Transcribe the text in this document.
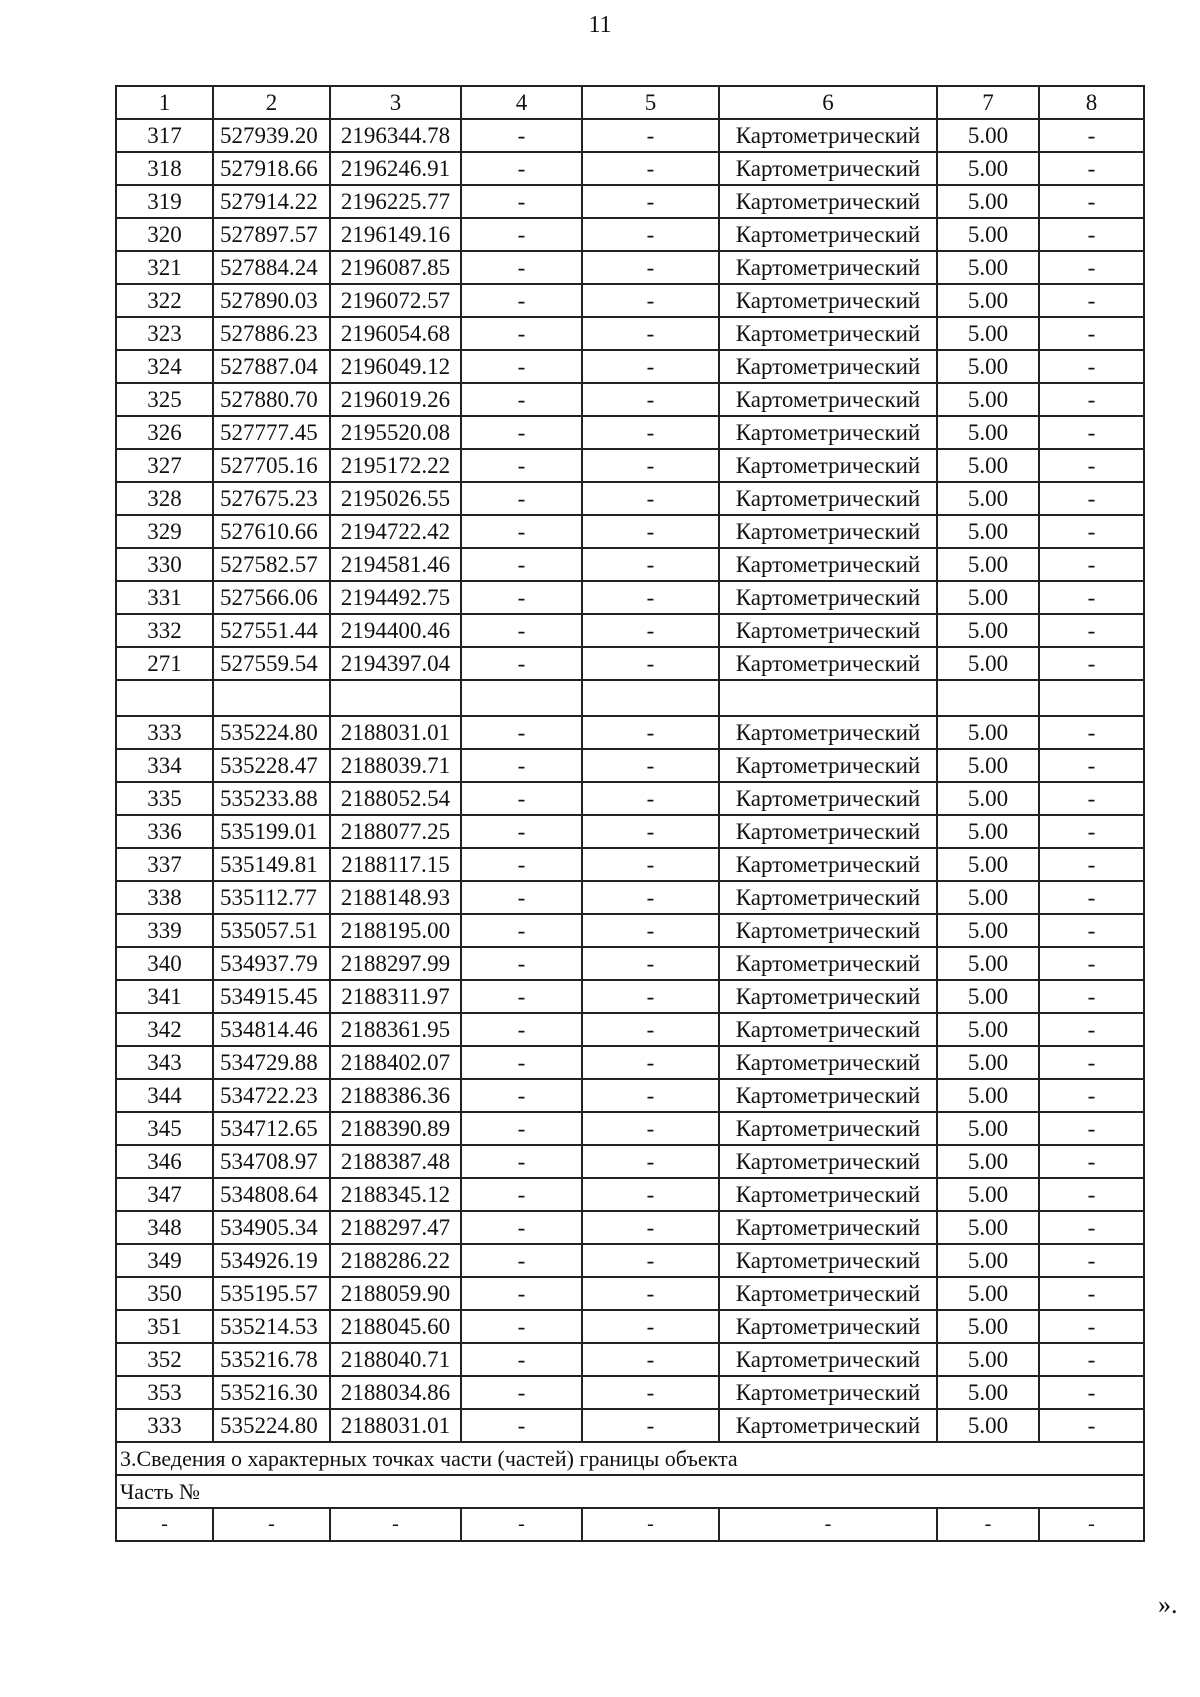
11
1	2	3	4	5	6	7	8
317	527939.20	2196344.78	-	-	Картометрический	5.00	-
318	527918.66	2196246.91	-	-	Картометрический	5.00	-
319	527914.22	2196225.77	-	-	Картометрический	5.00	-
320	527897.57	2196149.16	-	-	Картометрический	5.00	-
321	527884.24	2196087.85	-	-	Картометрический	5.00	-
322	527890.03	2196072.57	-	-	Картометрический	5.00	-
323	527886.23	2196054.68	-	-	Картометрический	5.00	-
324	527887.04	2196049.12	-	-	Картометрический	5.00	-
325	527880.70	2196019.26	-	-	Картометрический	5.00	-
326	527777.45	2195520.08	-	-	Картометрический	5.00	-
327	527705.16	2195172.22	-	-	Картометрический	5.00	-
328	527675.23	2195026.55	-	-	Картометрический	5.00	-
329	527610.66	2194722.42	-	-	Картометрический	5.00	-
330	527582.57	2194581.46	-	-	Картометрический	5.00	-
331	527566.06	2194492.75	-	-	Картометрический	5.00	-
332	527551.44	2194400.46	-	-	Картометрический	5.00	-
271	527559.54	2194397.04	-	-	Картометрический	5.00	-

333	535224.80	2188031.01	-	-	Картометрический	5.00	-
334	535228.47	2188039.71	-	-	Картометрический	5.00	-
335	535233.88	2188052.54	-	-	Картометрический	5.00	-
336	535199.01	2188077.25	-	-	Картометрический	5.00	-
337	535149.81	2188117.15	-	-	Картометрический	5.00	-
338	535112.77	2188148.93	-	-	Картометрический	5.00	-
339	535057.51	2188195.00	-	-	Картометрический	5.00	-
340	534937.79	2188297.99	-	-	Картометрический	5.00	-
341	534915.45	2188311.97	-	-	Картометрический	5.00	-
342	534814.46	2188361.95	-	-	Картометрический	5.00	-
343	534729.88	2188402.07	-	-	Картометрический	5.00	-
344	534722.23	2188386.36	-	-	Картометрический	5.00	-
345	534712.65	2188390.89	-	-	Картометрический	5.00	-
346	534708.97	2188387.48	-	-	Картометрический	5.00	-
347	534808.64	2188345.12	-	-	Картометрический	5.00	-
348	534905.34	2188297.47	-	-	Картометрический	5.00	-
349	534926.19	2188286.22	-	-	Картометрический	5.00	-
350	535195.57	2188059.90	-	-	Картометрический	5.00	-
351	535214.53	2188045.60	-	-	Картометрический	5.00	-
352	535216.78	2188040.71	-	-	Картометрический	5.00	-
353	535216.30	2188034.86	-	-	Картометрический	5.00	-
333	535224.80	2188031.01	-	-	Картометрический	5.00	-
3.Сведения о характерных точках части (частей) границы объекта							
Часть №							
-	-	-	-	-	-	-	-
».
